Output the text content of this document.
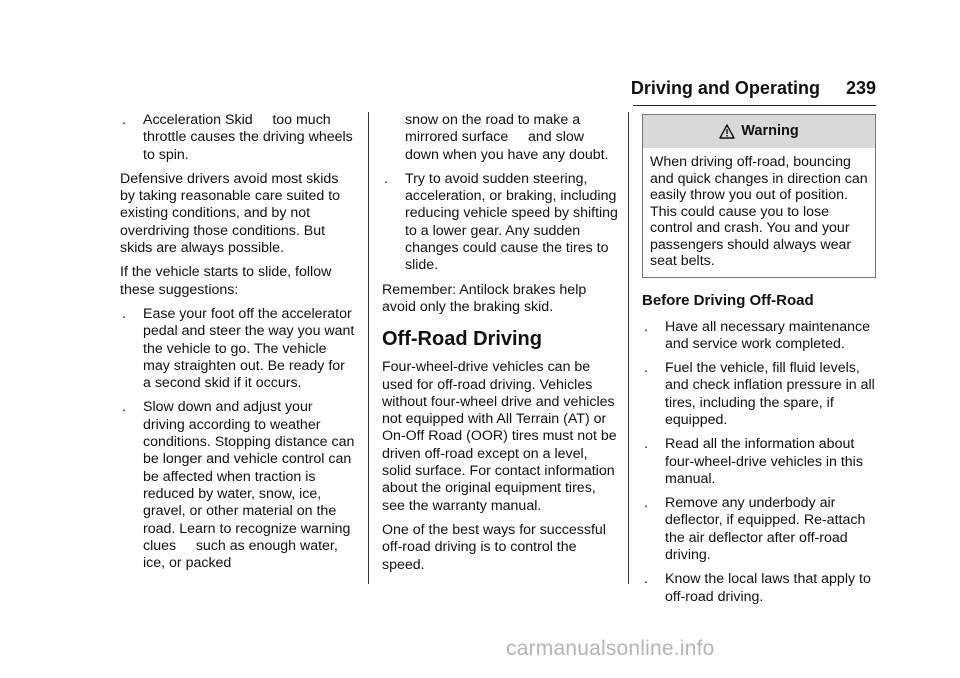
Driving and Operating 239
. Acceleration Skid     too much throttle causes the driving wheels to spin.

Defensive drivers avoid most skids by taking reasonable care suited to existing conditions, and by not overdriving those conditions. But skids are always possible.

If the vehicle starts to slide, follow these suggestions:

. Ease your foot off the accelerator pedal and steer the way you want the vehicle to go. The vehicle may straighten out. Be ready for a second skid if it occurs.
. Slow down and adjust your driving according to weather conditions. Stopping distance can be longer and vehicle control can be affected when traction is reduced by water, snow, ice, gravel, or other material on the road. Learn to recognize warning clues     such as enough water, ice, or packed
snow on the road to make a mirrored surface     and slow down when you have any doubt.
. Try to avoid sudden steering, acceleration, or braking, including reducing vehicle speed by shifting to a lower gear. Any sudden changes could cause the tires to slide.

Remember: Antilock brakes help avoid only the braking skid.

Off-Road Driving

Four-wheel-drive vehicles can be used for off-road driving. Vehicles without four-wheel drive and vehicles not equipped with All Terrain (AT) or On-Off Road (OOR) tires must not be driven off-road except on a level, solid surface. For contact information about the original equipment tires, see the warranty manual.

One of the best ways for successful off-road driving is to control the speed.

Warning
When driving off-road, bouncing and quick changes in direction can easily throw you out of position. This could cause you to lose control and crash. You and your passengers should always wear seat belts.
Before Driving Off-Road
. Have all necessary maintenance and service work completed.
. Fuel the vehicle, fill fluid levels, and check inflation pressure in all tires, including the spare, if equipped.
. Read all the information about four-wheel-drive vehicles in this manual.
. Remove any underbody air deflector, if equipped. Re-attach the air deflector after off-road driving.
. Know the local laws that apply to off-road driving.
carmanualsonline.info
